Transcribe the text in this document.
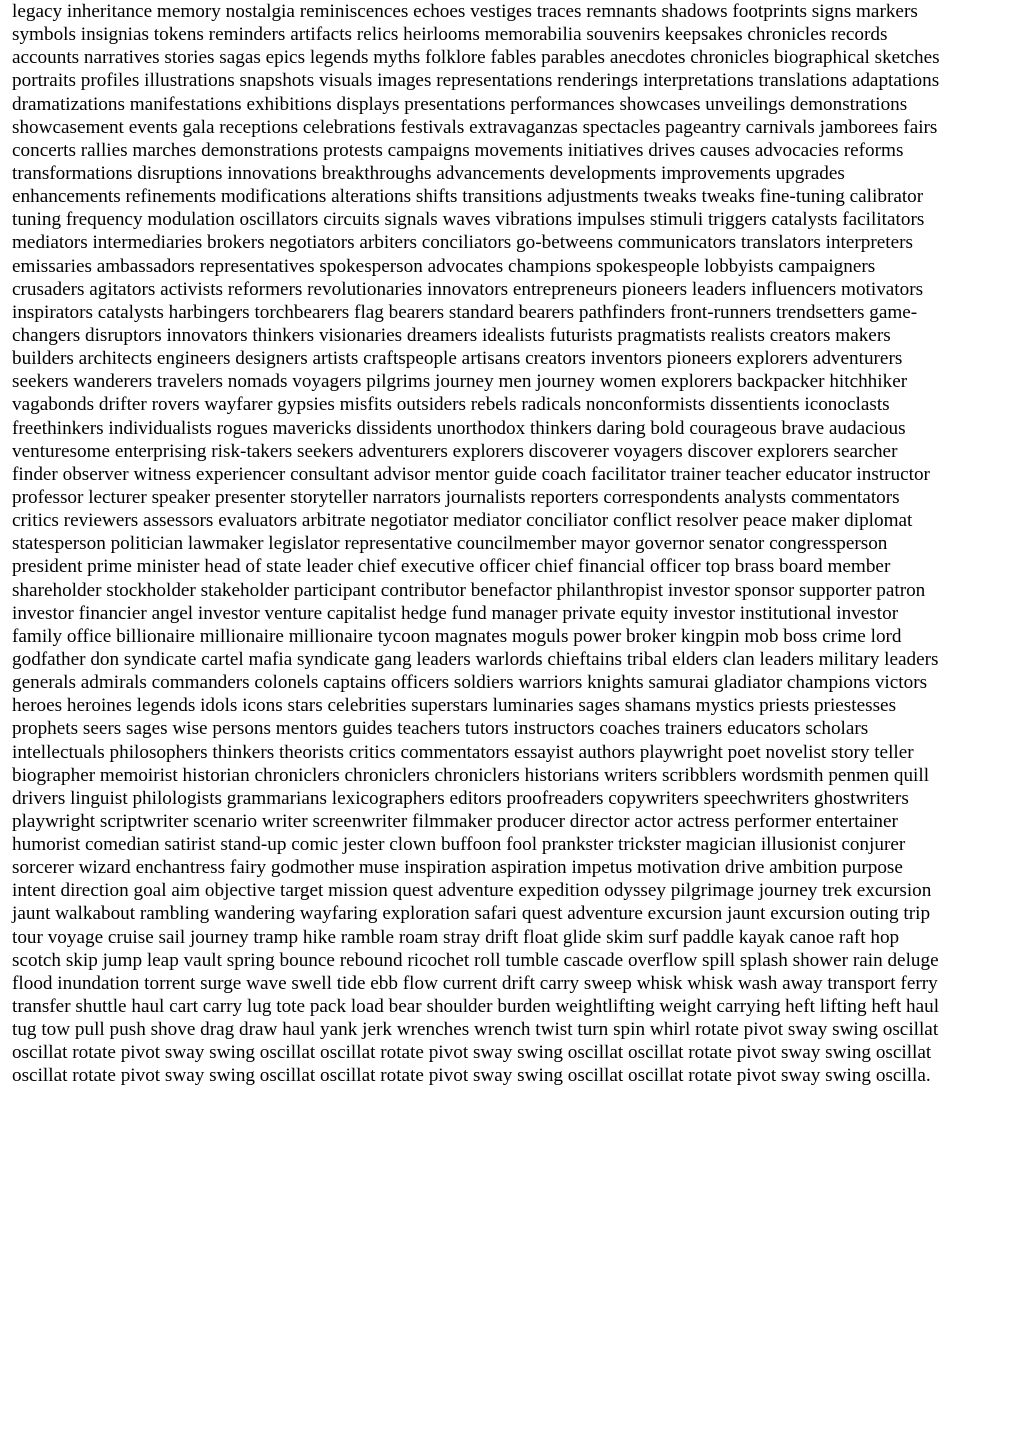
legacy inheritance memory nostalgia reminiscences echoes vestiges traces remnants shadows footprints signs markers
symbols insignias tokens reminders artifacts relics heirlooms memorabilia souvenirs keepsakes chronicles records
accounts narratives stories sagas epics legends myths folklore fables parables anecdotes chronicles biographical sketches
portraits profiles illustrations snapshots visuals images representations renderings interpretations translations adaptations
dramatizations manifestations exhibitions displays presentations performances showcases unveilings demonstrations
showcasement events gala receptions celebrations festivals extravaganzas spectacles pageantry carnivals jamborees fairs
concerts rallies marches demonstrations protests campaigns movements initiatives drives causes advocacies reforms
transformations disruptions innovations breakthroughs advancements developments improvements upgrades
enhancements refinements modifications alterations shifts transitions adjustments tweaks tweaks fine-tuning calibrator
tuning frequency modulation oscillators circuits signals waves vibrations impulses stimuli triggers catalysts facilitators
mediators intermediaries brokers negotiators arbiters conciliators go-betweens communicators translators interpreters
emissaries ambassadors representatives spokesperson advocates champions spokespeople lobbyists campaigners
crusaders agitators activists reformers revolutionaries innovators entrepreneurs pioneers leaders influencers motivators
inspirators catalysts harbingers torchbearers flag bearers standard bearers pathfinders front-runners trendsetters game-
changers disruptors innovators thinkers visionaries dreamers idealists futurists pragmatists realists creators makers
builders architects engineers designers artists craftspeople artisans creators inventors pioneers explorers adventurers
seekers wanderers travelers nomads voyagers pilgrims journey men journey women explorers backpacker hitchhiker
vagabonds drifter rovers wayfarer gypsies misfits outsiders rebels radicals nonconformists dissentients iconoclasts
freethinkers individualists rogues mavericks dissidents unorthodox thinkers daring bold courageous brave audacious
venturesome enterprising risk-takers seekers adventurers explorers discoverer voyagers discover explorers searcher
finder observer witness experiencer consultant advisor mentor guide coach facilitator trainer teacher educator instructor
professor lecturer speaker presenter storyteller narrators journalists reporters correspondents analysts commentators
critics reviewers assessors evaluators arbitrate negotiator mediator conciliator conflict resolver peace maker diplomat
statesperson politician lawmaker legislator representative councilmember mayor governor senator congressperson
president prime minister head of state leader chief executive officer chief financial officer top brass board member
shareholder stockholder stakeholder participant contributor benefactor philanthropist investor sponsor supporter patron
investor financier angel investor venture capitalist hedge fund manager private equity investor institutional investor
family office billionaire millionaire millionaire tycoon magnates moguls power broker kingpin mob boss crime lord
godfather don syndicate cartel mafia syndicate gang leaders warlords chieftains tribal elders clan leaders military leaders
generals admirals commanders colonels captains officers soldiers warriors knights samurai gladiator champions victors
heroes heroines legends idols icons stars celebrities superstars luminaries sages shamans mystics priests priestesses
prophets seers sages wise persons mentors guides teachers tutors instructors coaches trainers educators scholars
intellectuals philosophers thinkers theorists critics commentators essayist authors playwright poet novelist story teller
biographer memoirist historian chroniclers chroniclers chroniclers historians writers scribblers wordsmith penmen quill
drivers linguist philologists grammarians lexicographers editors proofreaders copywriters speechwriters ghostwriters
playwright scriptwriter scenario writer screenwriter filmmaker producer director actor actress performer entertainer
humorist comedian satirist stand-up comic jester clown buffoon fool prankster trickster magician illusionist conjurer
sorcerer wizard enchantress fairy godmother muse inspiration aspiration impetus motivation drive ambition purpose
intent direction goal aim objective target mission quest adventure expedition odyssey pilgrimage journey trek excursion
jaunt walkabout rambling wandering wayfaring exploration safari quest adventure excursion jaunt excursion outing trip
tour voyage cruise sail journey tramp hike ramble roam stray drift float glide skim surf paddle kayak canoe raft hop
scotch skip jump leap vault spring bounce rebound ricochet roll tumble cascade overflow spill splash shower rain deluge
flood inundation torrent surge wave swell tide ebb flow current drift carry sweep whisk whisk wash away transport ferry
transfer shuttle haul cart carry lug tote pack load bear shoulder burden weightlifting weight carrying heft lifting heft haul
tug tow pull push shove drag draw haul yank jerk wrenches wrench twist turn spin whirl rotate pivot sway swing oscillat
oscillat rotate pivot sway swing oscillat oscillat rotate pivot sway swing oscillat oscillat rotate pivot sway swing oscillat
oscillat rotate pivot sway swing oscillat oscillat rotate pivot sway swing oscillat oscillat rotate pivot sway swing oscilla.
